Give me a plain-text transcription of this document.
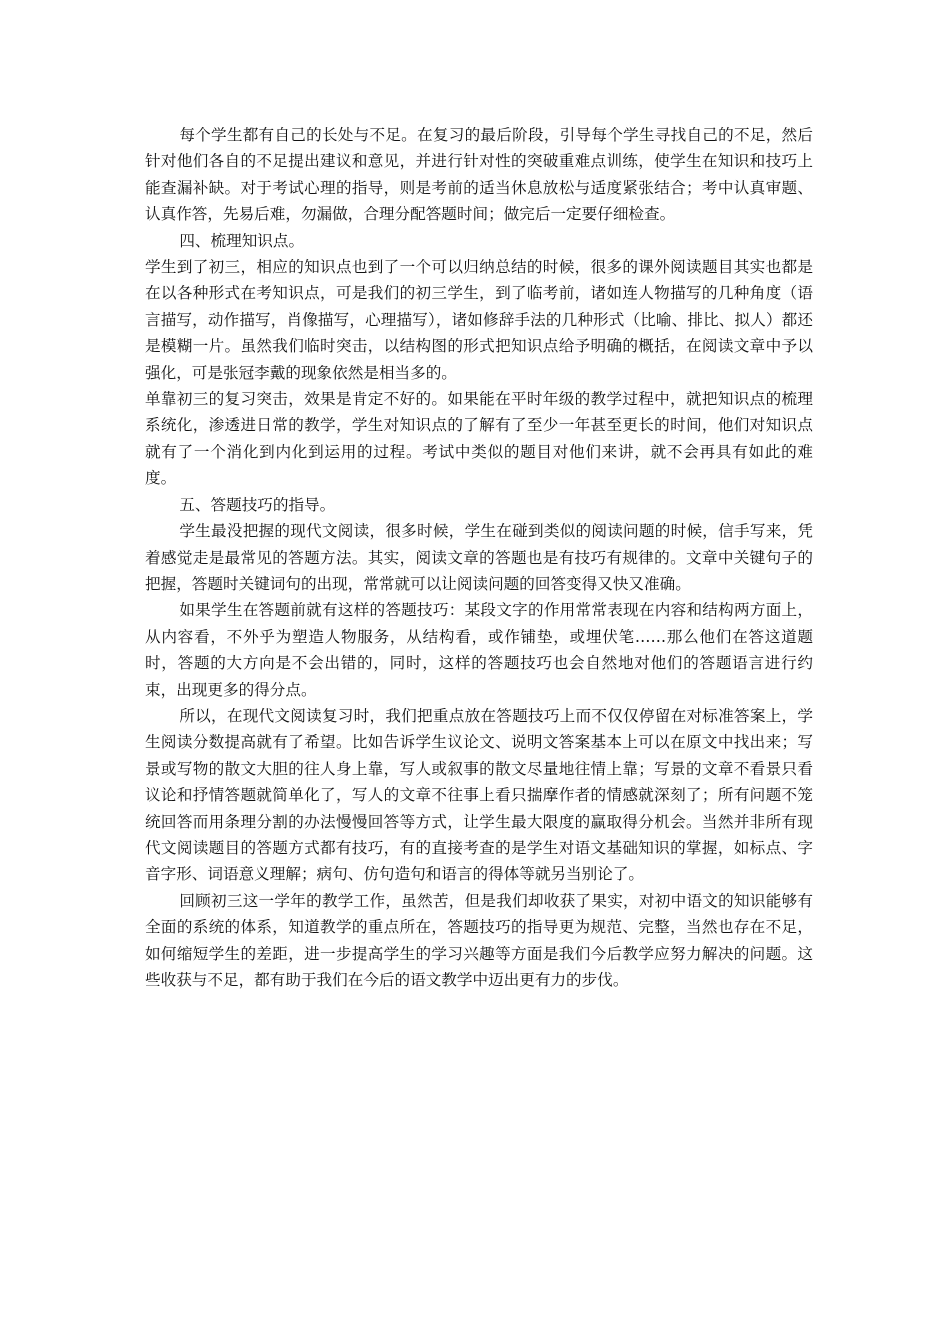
每个学生都有自己的长处与不足。在复习的最后阶段，引导每个学生寻找自己的不足，然后针对他们各自的不足提出建议和意见，并进行针对性的突破重难点训练，使学生在知识和技巧上能查漏补缺。对于考试心理的指导，则是考前的适当休息放松与适度紧张结合；考中认真审题、认真作答，先易后难，勿漏做，合理分配答题时间；做完后一定要仔细检查。

四、梳理知识点。

学生到了初三，相应的知识点也到了一个可以归纳总结的时候，很多的课外阅读题目其实也都是在以各种形式在考知识点，可是我们的初三学生，到了临考前，诸如连人物描写的几种角度（语言描写，动作描写，肖像描写，心理描写），诸如修辞手法的几种形式（比喻、排比、拟人）都还是模糊一片。虽然我们临时突击，以结构图的形式把知识点给予明确的概括，在阅读文章中予以强化，可是张冠李戴的现象依然是相当多的。

单靠初三的复习突击，效果是肯定不好的。如果能在平时年级的教学过程中，就把知识点的梳理系统化，渗透进日常的教学，学生对知识点的了解有了至少一年甚至更长的时间，他们对知识点就有了一个消化到内化到运用的过程。考试中类似的题目对他们来讲，就不会再具有如此的难度。

五、答题技巧的指导。

学生最没把握的现代文阅读，很多时候，学生在碰到类似的阅读问题的时候，信手写来，凭着感觉走是最常见的答题方法。其实，阅读文章的答题也是有技巧有规律的。文章中关键句子的把握，答题时关键词句的出现，常常就可以让阅读问题的回答变得又快又准确。

如果学生在答题前就有这样的答题技巧：某段文字的作用常常表现在内容和结构两方面上，从内容看，不外乎为塑造人物服务，从结构看，或作铺垫，或埋伏笔……那么他们在答这道题时，答题的大方向是不会出错的，同时，这样的答题技巧也会自然地对他们的答题语言进行约束，出现更多的得分点。

所以，在现代文阅读复习时，我们把重点放在答题技巧上而不仅仅停留在对标准答案上，学生阅读分数提高就有了希望。比如告诉学生议论文、说明文答案基本上可以在原文中找出来；写景或写物的散文大胆的往人身上靠，写人或叙事的散文尽量地往情上靠；写景的文章不看景只看议论和抒情答题就简单化了，写人的文章不往事上看只揣摩作者的情感就深刻了；所有问题不笼统回答而用条理分割的办法慢慢回答等方式，让学生最大限度的赢取得分机会。当然并非所有现代文阅读题目的答题方式都有技巧，有的直接考查的是学生对语文基础知识的掌握，如标点、字音字形、词语意义理解；病句、仿句造句和语言的得体等就另当别论了。

回顾初三这一学年的教学工作，虽然苦，但是我们却收获了果实，对初中语文的知识能够有全面的系统的体系，知道教学的重点所在，答题技巧的指导更为规范、完整，当然也存在不足，如何缩短学生的差距，进一步提高学生的学习兴趣等方面是我们今后教学应努力解决的问题。这些收获与不足，都有助于我们在今后的语文教学中迈出更有力的步伐。
